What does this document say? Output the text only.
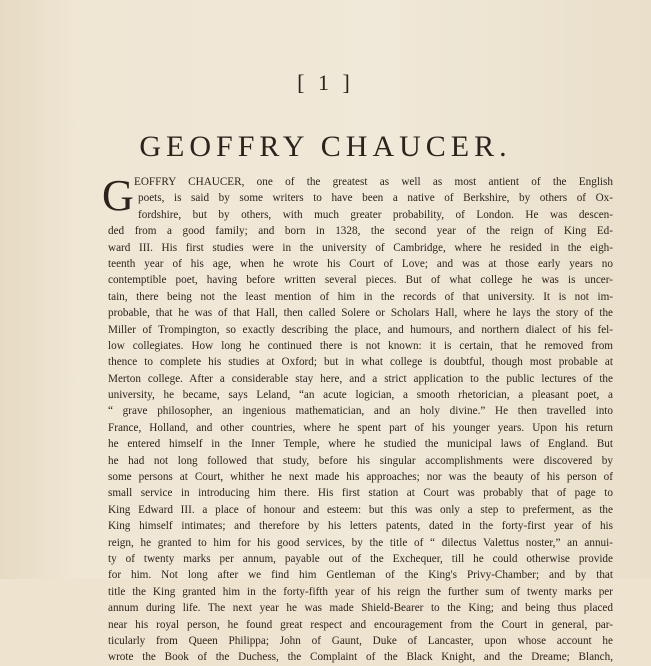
[ 1 ]
GEOFFRY CHAUCER.
G EOFFRY CHAUCER, one of the greatest as well as most antient of the English
poets, is said by some writers to have been a native of Berkshire, by others of Ox-
fordshire, but by others, with much greater probability, of London. He was descen-
ded from a good family; and born in 1328, the second year of the reign of King Ed-
ward III. His first studies were in the university of Cambridge, where he resided in the eigh-
teenth year of his age, when he wrote his Court of Love; and was at those early years no
contemptible poet, having before written several pieces. But of what college he was is uncer-
tain, there being not the least mention of him in the records of that university. It is not im-
probable, that he was of that Hall, then called Solere or Scholars Hall, where he lays the story of the
Miller of Trompington, so exactly describing the place, and humours, and northern dialect of his fel-
low collegiates. How long he continued there is not known: it is certain, that he removed from
thence to complete his studies at Oxford; but in what college is doubtful, though most probable at
Merton college. After a considerable stay here, and a strict application to the public lectures of the
university, he became, says Leland, “an acute logician, a smooth rhetorician, a pleasant poet, a
“ grave philosopher, an ingenious mathematician, and an holy divine.” He then travelled into
France, Holland, and other countries, where he spent part of his younger years. Upon his return
he entered himself in the Inner Temple, where he studied the municipal laws of England. But
he had not long followed that study, before his singular accomplishments were discovered by
some persons at Court, whither he next made his approaches; nor was the beauty of his person of
small service in introducing him there. His first station at Court was probably that of page to
King Edward III. a place of honour and esteem: but this was only a step to preferment, as the
King himself intimates; and therefore by his letters patents, dated in the forty-first year of his
reign, he granted to him for his good services, by the title of “ dilectus Valettus noster,” an annui-
ty of twenty marks per annum, payable out of the Exchequer, till he could otherwise provide
for him. Not long after we find him Gentleman of the King's Privy-Chamber; and by that
title the King granted him in the forty-fifth year of his reign the further sum of twenty marks per
annum during life. The next year he was made Shield-Bearer to the King; and being thus placed
near his royal person, he found great respect and encouragement from the Court in general, par-
ticularly from Queen Philippa; John of Gaunt, Duke of Lancaster, upon whose account he
wrote the Book of the Duchess, the Complaint of the Black Knight, and the Dreame; Blanch,
